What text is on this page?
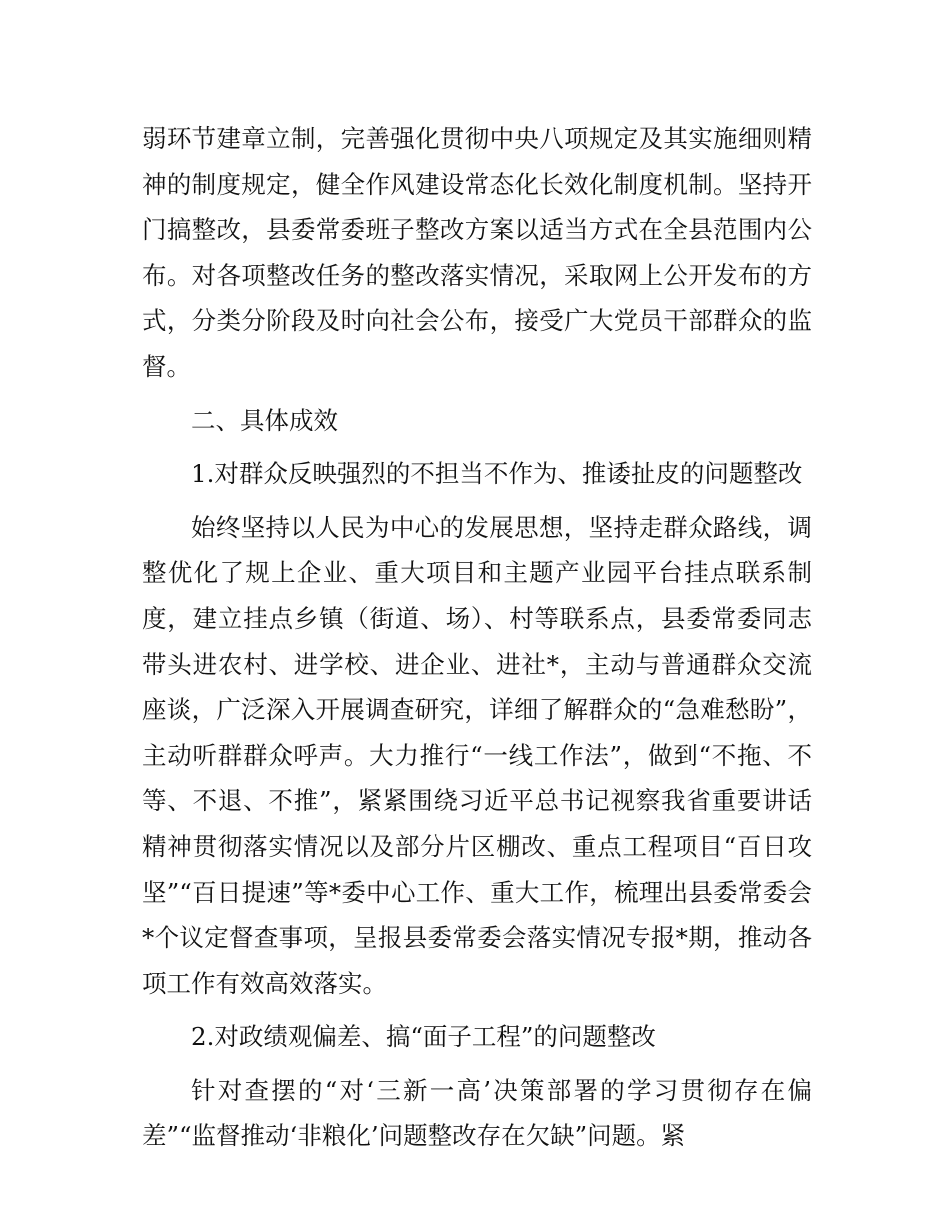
弱环节建章立制，完善强化贯彻中央八项规定及其实施细则精神的制度规定，健全作风建设常态化长效化制度机制。坚持开门搞整改，县委常委班子整改方案以适当方式在全县范围内公布。对各项整改任务的整改落实情况，采取网上公开发布的方式，分类分阶段及时向社会公布，接受广大党员干部群众的监督。

二、具体成效

1.对群众反映强烈的不担当不作为、推诿扯皮的问题整改

始终坚持以人民为中心的发展思想，坚持走群众路线，调整优化了规上企业、重大项目和主题产业园平台挂点联系制度，建立挂点乡镇（街道、场）、村等联系点，县委常委同志带头进农村、进学校、进企业、进社*，主动与普通群众交流座谈，广泛深入开展调查研究，详细了解群众的“急难愁盼”，主动听群群众呼声。大力推行“一线工作法”，做到“不拖、不等、不退、不推”，紧紧围绕习近平总书记视察我省重要讲话精神贯彻落实情况以及部分片区棚改、重点工程项目“百日攻坚”“百日提速”等*委中心工作、重大工作，梳理出县委常委会*个议定督查事项，呈报县委常委会落实情况专报*期，推动各项工作有效高效落实。

2.对政绩观偏差、搞“面子工程”的问题整改

针对查摆的“对‘三新一高’决策部署的学习贯彻存在偏差”“监督推动‘非粮化’问题整改存在欠缺”问题。紧
